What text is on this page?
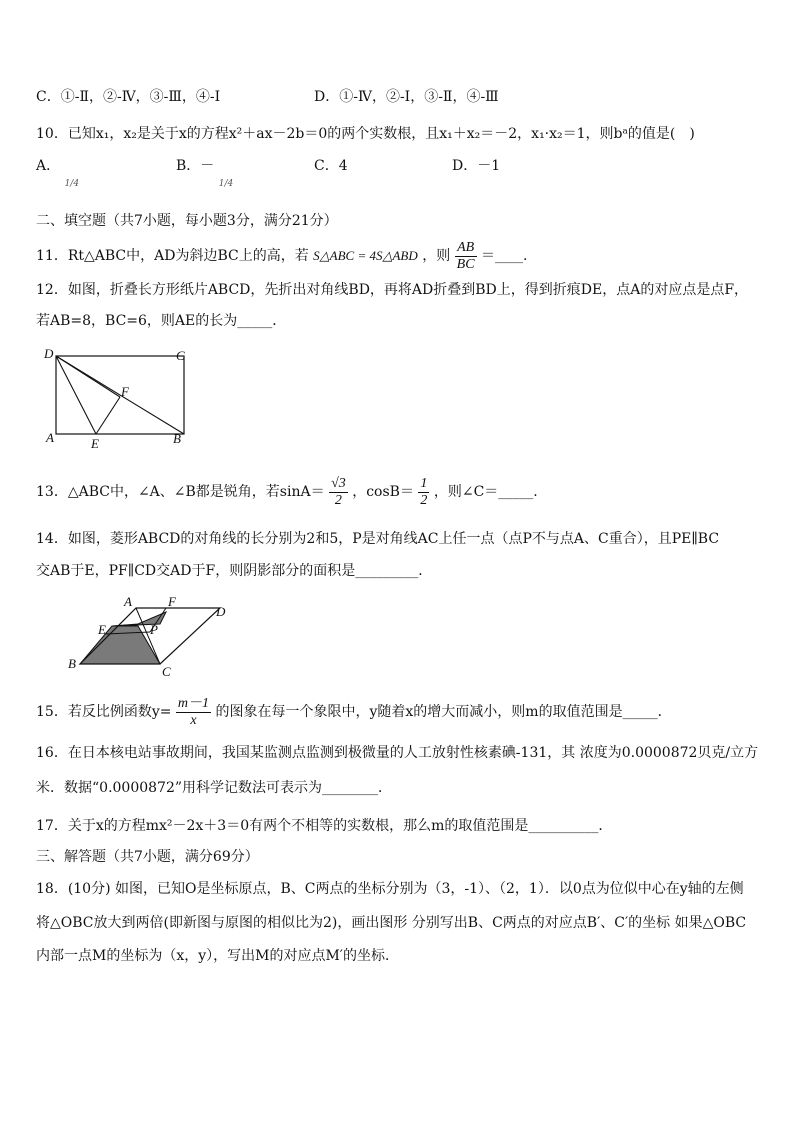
C．①-Ⅱ，②-Ⅳ，③-Ⅲ，④-Ⅰ	D．①-Ⅳ，②-Ⅰ，③-Ⅱ，④-Ⅲ
10．已知x₁，x₂是关于x的方程x²＋ax－2b＝0的两个实数根，且x₁＋x₂＝－2，x₁·x₂＝1，则bᵃ的值是(　)
A． $_{1/4}$
B．－ $_{1/4}$
C．4	D．－1
二、填空题（共7小题，每小题3分，满分21分）
11．Rt△ABC中，AD为斜边BC上的高，若 S△ABC = 4S△ABD ，则 $\frac{AB}{BC}$ ＝____.
12．如图，折叠长方形纸片ABCD，先折出对角线BD，再将AD折叠到BD上，得到折痕DE，点A的对应点是点F，
若AB=8，BC=6，则AE的长为_____．
D	C
A	E	B
F
13．△ABC中，∠A、∠B都是锐角，若$\sin A= \frac{√3}{2}$ ，$\cos B= \frac{1}{2}$ ，则∠C＝_____.
14．如图，菱形ABCD的对角线的长分别为2和5，P是对角线AC上任一点（点P不与点A、C重合），且PE∥BC
交AB于E，PF∥CD交AD于F，则阴影部分的面积是_________．
A	F
D
E	P
B
C
15．若反比例函数$y= \frac{m-1}{x}$ 的图象在每一个象限中，y随着x的增大而减小，则m的取值范围是_____．
16．在日本核电站事故期间，我国某监测点监测到极微量的人工放射性核素碘-131，其 浓度为0.0000872贝克/立方
米．数据“0.0000872”用科学记数法可表示为________．
17．关于x的方程mx²－2x＋3＝0有两个不相等的实数根，那么m的取值范围是__________．
三、解答题（共7小题，满分69分）
18．(10分) 如图，已知O是坐标原点，B、C两点的坐标分别为（3，-1）、（2，1）．以0点为位似中心在y轴的左侧
将△OBC放大到两倍(即新图与原图的相似比为2)，画出图形 分别写出B、C两点的对应点B′、C′的坐标 如果△OBC
内部一点M的坐标为（x，y），写出M的对应点M′的坐标．
